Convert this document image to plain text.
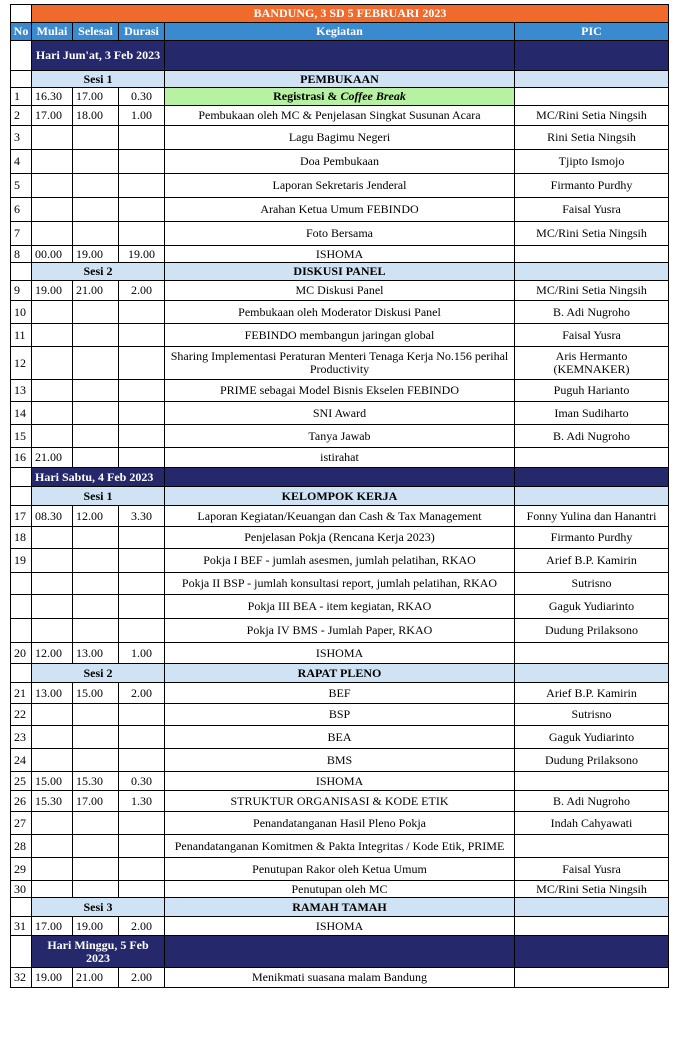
	BANDUNG, 3 SD 5 FEBRUARI 2023				
No	Mulai	Selesai	Durasi	Kegiatan	PIC
	Hari Jum'at, 3 Feb 2023				
	Sesi 1			PEMBUKAAN	
1	16.30	17.00	0.30	Registrasi & Coffee Break	
2	17.00	18.00	1.00	Pembukaan oleh MC & Penjelasan Singkat Susunan Acara	MC/Rini Setia Ningsih
3				Lagu Bagimu Negeri	Rini Setia Ningsih
4				Doa Pembukaan	Tjipto Ismojo
5				Laporan Sekretaris Jenderal	Firmanto Purdhy
6				Arahan Ketua Umum FEBINDO	Faisal Yusra
7				Foto Bersama	MC/Rini Setia Ningsih
8	00.00	19.00	19.00	ISHOMA	
	Sesi 2			DISKUSI PANEL	
9	19.00	21.00	2.00	MC Diskusi Panel	MC/Rini Setia Ningsih
10				Pembukaan oleh Moderator Diskusi Panel	B. Adi Nugroho
11				FEBINDO membangun jaringan global	Faisal Yusra
12				Sharing Implementasi Peraturan Menteri Tenaga Kerja No.156 perihal Productivity	Aris Hermanto (KEMNAKER)
13				PRIME sebagai Model Bisnis Ekselen FEBINDO	Puguh Harianto
14				SNI Award	Iman Sudiharto
15				Tanya Jawab	B. Adi Nugroho
16	21.00			istirahat	
	Hari Sabtu, 4 Feb 2023				
	Sesi 1			KELOMPOK KERJA	
17	08.30	12.00	3.30	Laporan Kegiatan/Keuangan dan Cash & Tax Management	Fonny Yulina dan Hanantri
18				Penjelasan Pokja (Rencana Kerja 2023)	Firmanto Purdhy
19				Pokja I BEF - jumlah asesmen, jumlah pelatihan, RKAO	Arief B.P. Kamirin
				Pokja II BSP - jumlah konsultasi report, jumlah pelatihan, RKAO	Sutrisno
				Pokja III BEA - item kegiatan, RKAO	Gaguk Yudiarinto
				Pokja IV BMS - Jumlah Paper, RKAO	Dudung Prilaksono
20	12.00	13.00	1.00	ISHOMA	
	Sesi 2			RAPAT PLENO	
21	13.00	15.00	2.00	BEF	Arief B.P. Kamirin
22				BSP	Sutrisno
23				BEA	Gaguk Yudiarinto
24				BMS	Dudung Prilaksono
25	15.00	15.30	0.30	ISHOMA	
26	15.30	17.00	1.30	STRUKTUR ORGANISASI & KODE ETIK	B. Adi Nugroho
27				Penandatanganan Hasil Pleno Pokja	Indah Cahyawati
28				Penandatanganan Komitmen & Pakta Integritas / Kode Etik, PRIME	
29				Penutupan Rakor oleh Ketua Umum	Faisal Yusra
30				Penutupan oleh MC	MC/Rini Setia Ningsih
	Sesi 3			RAMAH TAMAH	
31	17.00	19.00	2.00	ISHOMA	
	Hari Minggu, 5 Feb 2023				
32	19.00	21.00	2.00	Menikmati suasana malam Bandung	
